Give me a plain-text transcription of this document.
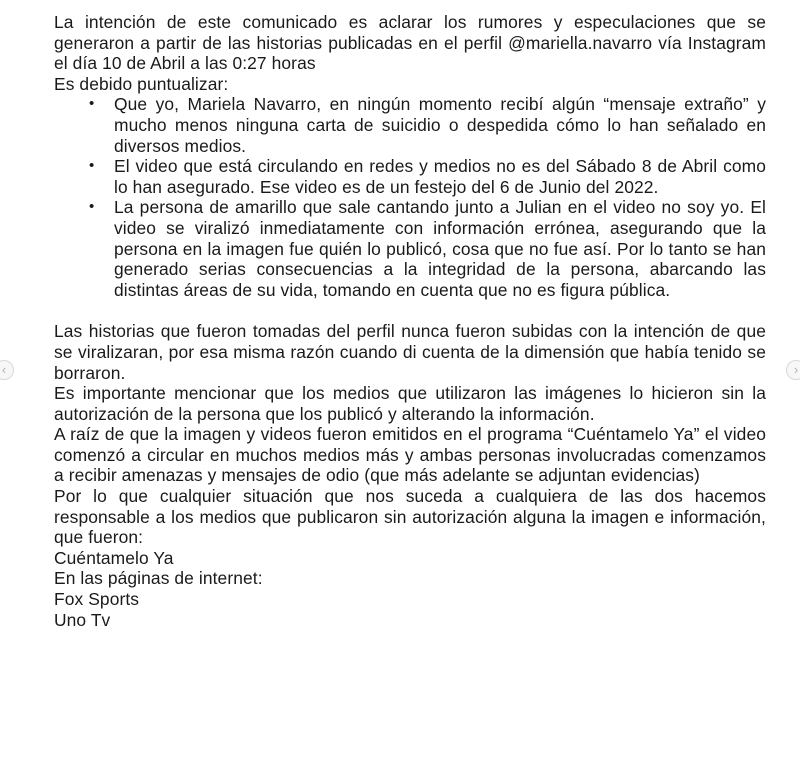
La intención de este comunicado es aclarar los rumores y especulaciones que se generaron a partir de las historias publicadas en el perfil @mariella.navarro vía Instagram el día 10 de Abril a las 0:27 horas

Es debido puntualizar:

• Que yo, Mariela Navarro, en ningún momento recibí algún “mensaje extraño” y mucho menos ninguna carta de suicidio o despedida cómo lo han señalado en diversos medios.
• El video que está circulando en redes y medios no es del Sábado 8 de Abril como lo han asegurado. Ese video es de un festejo del 6 de Junio del 2022.
• La persona de amarillo que sale cantando junto a Julian en el video no soy yo. El video se viralizó inmediatamente con información errónea, asegurando que la persona en la imagen fue quién lo publicó, cosa que no fue así. Por lo tanto se han generado serias consecuencias a la integridad de la persona, abarcando las distintas áreas de su vida, tomando en cuenta que no es figura pública.

Las historias que fueron tomadas del perfil nunca fueron subidas con la intención de que se viralizaran, por esa misma razón cuando di cuenta de la dimensión que había tenido se borraron.

Es importante mencionar que los medios que utilizaron las imágenes lo hicieron sin la autorización de la persona que los publicó y alterando la información.

A raíz de que la imagen y videos fueron emitidos en el programa “Cuéntamelo Ya” el video comenzó a circular en muchos medios más y ambas personas involucradas comenzamos a recibir amenazas y mensajes de odio (que más adelante se adjuntan evidencias)

Por lo que cualquier situación que nos suceda a cualquiera de las dos hacemos responsable a los medios que publicaron sin autorización alguna la imagen e información, que fueron:

Cuéntamelo Ya

En las páginas de internet:

Fox Sports

Uno Tv

‹	›
